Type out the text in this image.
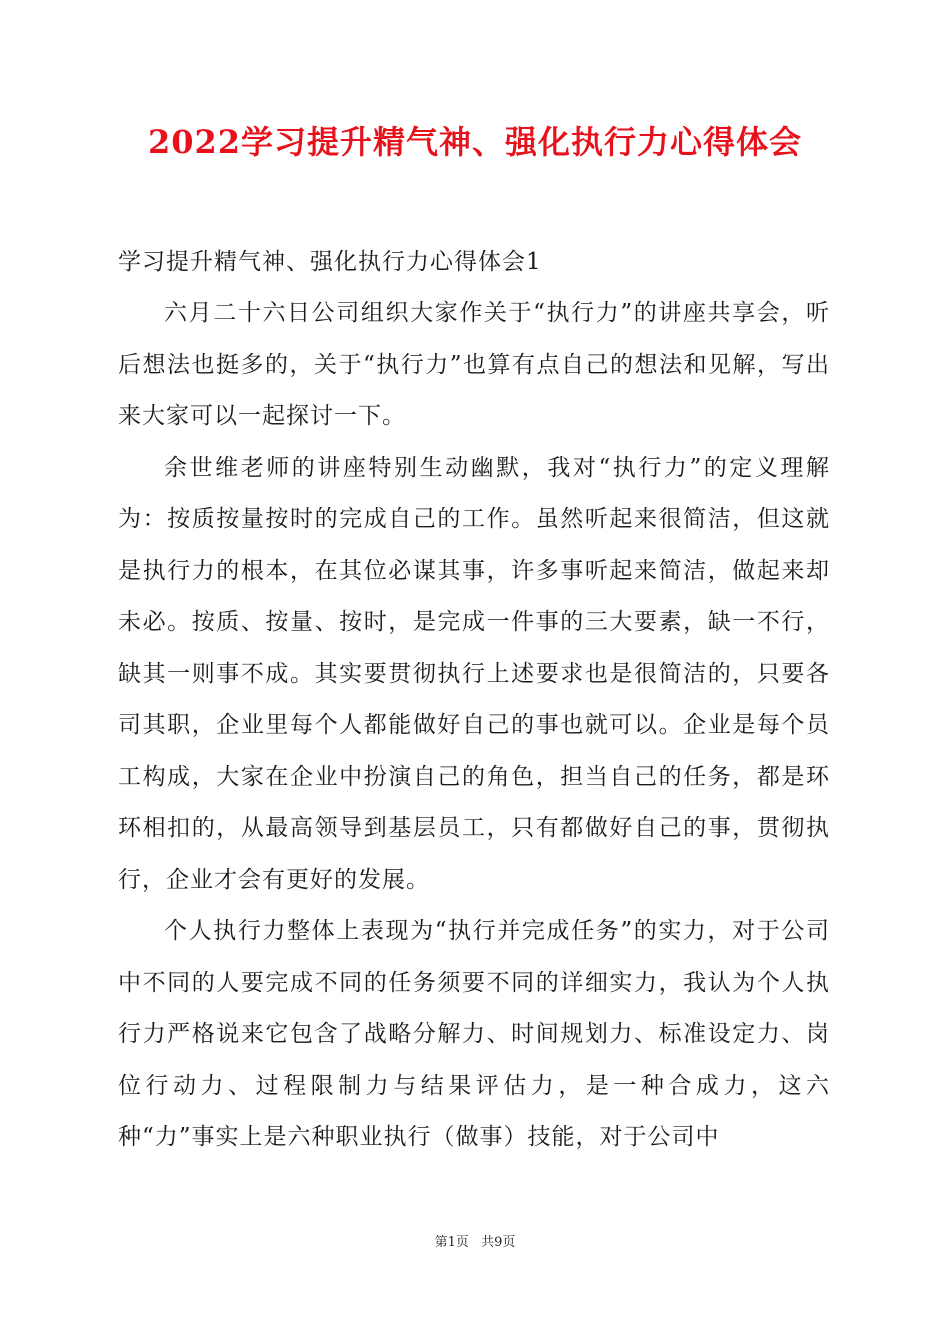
2022学习提升精气神、强化执行力心得体会

学习提升精气神、强化执行力心得体会1

六月二十六日公司组织大家作关于“执行力”的讲座共享会，听后想法也挺多的，关于“执行力”也算有点自己的想法和见解，写出来大家可以一起探讨一下。

余世维老师的讲座特别生动幽默，我对“执行力”的定义理解为：按质按量按时的完成自己的工作。虽然听起来很简洁，但这就是执行力的根本，在其位必谋其事，许多事听起来简洁，做起来却未必。按质、按量、按时，是完成一件事的三大要素，缺一不行，缺其一则事不成。其实要贯彻执行上述要求也是很简洁的，只要各司其职，企业里每个人都能做好自己的事也就可以。企业是每个员工构成，大家在企业中扮演自己的角色，担当自己的任务，都是环环相扣的，从最高领导到基层员工，只有都做好自己的事，贯彻执行，企业才会有更好的发展。

个人执行力整体上表现为“执行并完成任务”的实力，对于公司中不同的人要完成不同的任务须要不同的详细实力，我认为个人执行力严格说来它包含了战略分解力、时间规划力、标准设定力、岗位行动力、过程限制力与结果评估力，是一种合成力，这六种“力”事实上是六种职业执行（做事）技能，对于公司中

第1页 共9页
